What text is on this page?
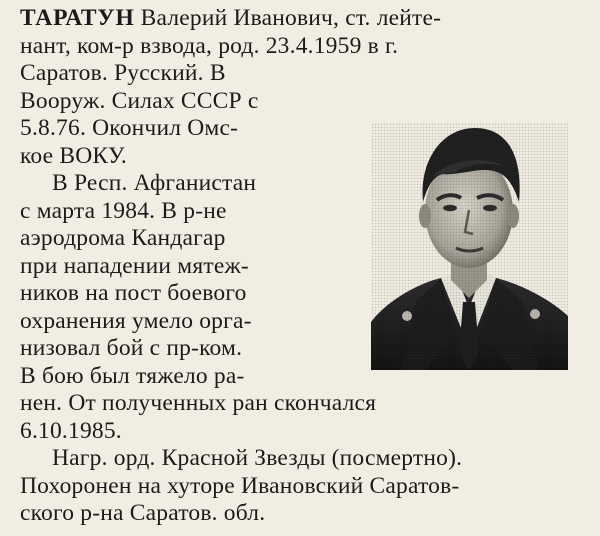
ТАРАТУН Валерий Иванович, ст. лейте-
нант, ком-р взвода, род. 23.4.1959 в г.
Саратов. Русский. В
Вооруж. Силах СССР с
5.8.76. Окончил Омс-
кое ВОКУ.
В Респ. Афганистан
с марта 1984. В р-не
аэродрома Кандагар
при нападении мятеж-
ников на пост боевого
охранения умело орга-
низовал бой с пр-ком.
В бою был тяжело ра-
нен. От полученных ран скончался
6.10.1985.
Нагр. орд. Красной Звезды (посмертно).
Похоронен на хуторе Ивановский Саратов-
ского р-на Саратов. обл.
